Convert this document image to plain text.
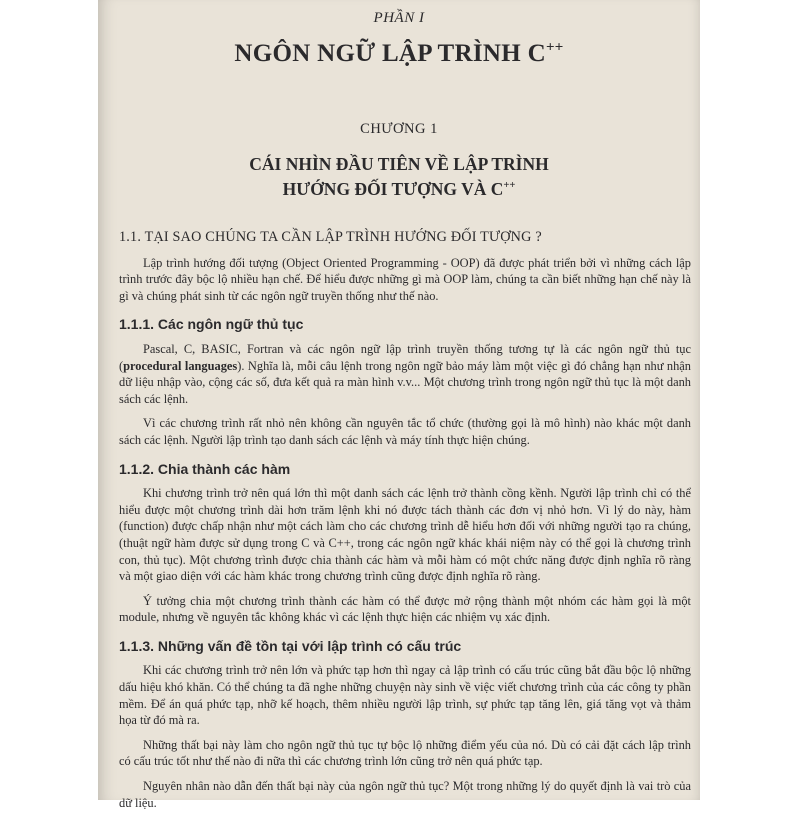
PHẦN I
NGÔN NGỮ LẬP TRÌNH C++
CHƯƠNG 1
CÁI NHÌN ĐẦU TIÊN VỀ LẬP TRÌNH
HƯỚNG ĐỐI TƯỢNG VÀ C++
1.1. TẠI SAO CHÚNG TA CẦN LẬP TRÌNH HƯỚNG ĐỐI TƯỢNG ?

Lập trình hướng đối tượng (Object Oriented Programming - OOP) đã được phát triển bởi vì những cách lập trình trước đây bộc lộ nhiều hạn chế. Để hiểu được những gì mà OOP làm, chúng ta cần biết những hạn chế này là gì và chúng phát sinh từ các ngôn ngữ truyền thống như thế nào.

1.1.1. Các ngôn ngữ thủ tục

Pascal, C, BASIC, Fortran và các ngôn ngữ lập trình truyền thống tương tự là các ngôn ngữ thủ tục (procedural languages). Nghĩa là, mỗi câu lệnh trong ngôn ngữ bảo máy làm một việc gì đó chẳng hạn như nhận dữ liệu nhập vào, cộng các số, đưa kết quả ra màn hình v.v... Một chương trình trong ngôn ngữ thủ tục là một danh sách các lệnh.

Vì các chương trình rất nhỏ nên không cần nguyên tắc tổ chức (thường gọi là mô hình) nào khác một danh sách các lệnh. Người lập trình tạo danh sách các lệnh và máy tính thực hiện chúng.

1.1.2. Chia thành các hàm

Khi chương trình trở nên quá lớn thì một danh sách các lệnh trở thành cồng kềnh. Người lập trình chỉ có thể hiểu được một chương trình dài hơn trăm lệnh khi nó được tách thành các đơn vị nhỏ hơn. Vì lý do này, hàm (function) được chấp nhận như một cách làm cho các chương trình dễ hiểu hơn đối với những người tạo ra chúng, (thuật ngữ hàm được sử dụng trong C và C++, trong các ngôn ngữ khác khái niệm này có thể gọi là chương trình con, thủ tục). Một chương trình được chia thành các hàm và mỗi hàm có một chức năng được định nghĩa rõ ràng và một giao diện với các hàm khác trong chương trình cũng được định nghĩa rõ ràng.

Ý tưởng chia một chương trình thành các hàm có thể được mở rộng thành một nhóm các hàm gọi là một module, nhưng về nguyên tắc không khác vì các lệnh thực hiện các nhiệm vụ xác định.

1.1.3. Những vấn đề tồn tại với lập trình có cấu trúc

Khi các chương trình trở nên lớn và phức tạp hơn thì ngay cả lập trình có cấu trúc cũng bắt đầu bộc lộ những dấu hiệu khó khăn. Có thể chúng ta đã nghe những chuyện này sinh về việc viết chương trình của các công ty phần mềm. Để án quá phức tạp, nhỡ kế hoạch, thêm nhiều người lập trình, sự phức tạp tăng lên, giá tăng vọt và thảm họa từ đó mà ra.

Những thất bại này làm cho ngôn ngữ thủ tục tự bộc lộ những điểm yếu của nó. Dù có cải đặt cách lập trình có cấu trúc tốt như thế nào đi nữa thì các chương trình lớn cũng trở nên quá phức tạp.

Nguyên nhân nào dẫn đến thất bại này của ngôn ngữ thủ tục? Một trong những lý do quyết định là vai trò của dữ liệu.
